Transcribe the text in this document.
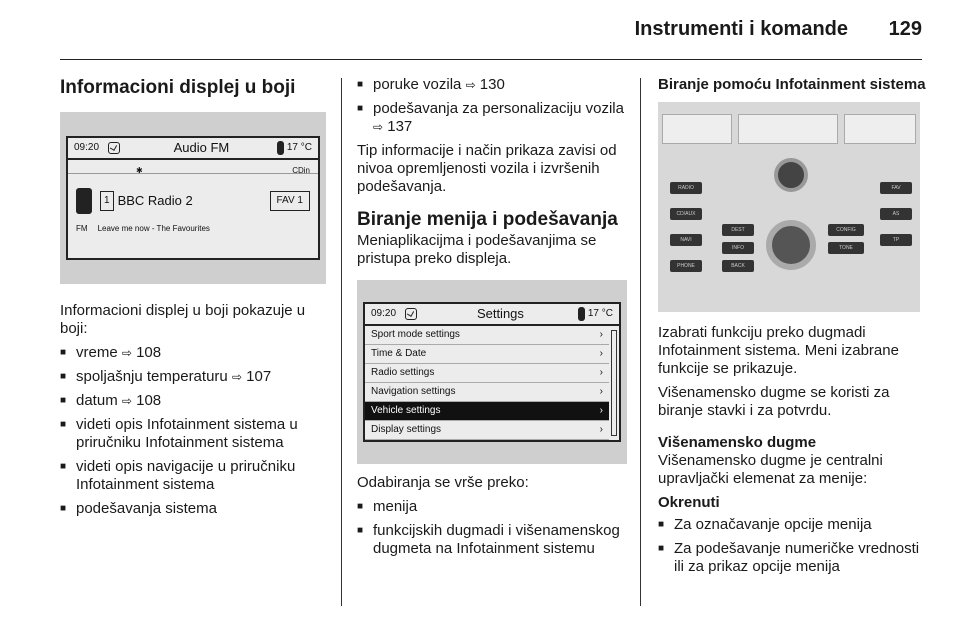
Instrumenti i komande	129
Informacioni displej u boji
09:20	Audio FM	17 °C
✱	CDin
1 BBC Radio 2	FAV 1
FM Leave me now - The Favourites

Informacioni displej u boji pokazuje u boji:

■ vreme ⇨ 108
■ spoljašnju temperaturu ⇨ 107
■ datum ⇨ 108
■ videti opis Infotainment sistema u priručniku Infotainment sistema
■ videti opis navigacije u priručniku Infotainment sistema
■ podešavanja sistema
■ poruke vozila ⇨ 130
■ podešavanja za personalizaciju vozila ⇨ 137

Tip informacije i način prikaza zavisi od nivoa opremljenosti vozila i izvršenih podešavanja.

Biranje menija i podešavanja

Meniaplikacijma i podešavanjima se pristupa preko displeja.

09:20	Settings	17 °C
Sport mode settings	›
Time & Date	›
Radio settings	›
Navigation settings	›
Vehicle settings	›
Display settings	›

Odabiranja se vrše preko:

■ menija
■ funkcijskih dugmadi i višenamenskog dugmeta na Infotainment sistemu
Biranje pomoću Infotainment sistema
RADIO
CD/AUX
NAVI
PHONE
DEST
INFO
BACK
FAV
AS
TP
CONFIG
TONE

Izabrati funkciju preko dugmadi Infotainment sistema. Meni izabrane funkcije se prikazuje.

Višenamensko dugme se koristi za biranje stavki i za potvrdu.

Višenamensko dugme

Višenamensko dugme je centralni upravljački elemenat za menije:

Okrenuti
■ Za označavanje opcije menija
■ Za podešavanje numeričke vrednosti ili za prikaz opcije menija
